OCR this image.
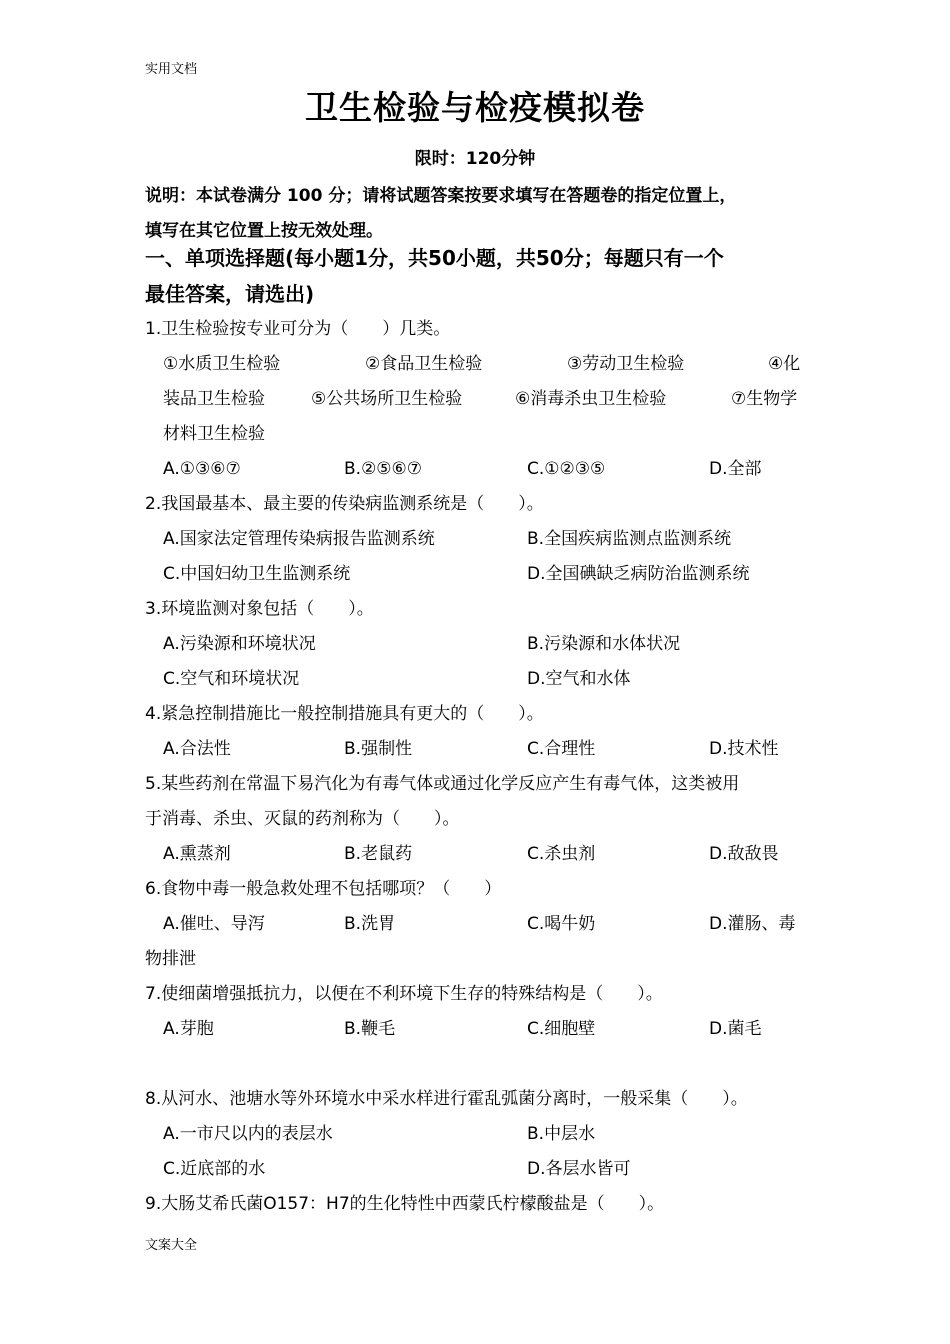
实用文档
卫生检验与检疫模拟卷
限时：120分钟
说明：本试卷满分 100 分；请将试题答案按要求填写在答题卷的指定位置上，
填写在其它位置上按无效处理。
一、单项选择题(每小题1分，共50小题，共50分；每题只有一个
最佳答案，请选出)
1.卫生检验按专业可分为（　　）几类。
①水质卫生检验	②食品卫生检验	③劳动卫生检验	④化
装品卫生检验	⑤公共场所卫生检验	⑥消毒杀虫卫生检验	⑦生物学
材料卫生检验
A.①③⑥⑦	B.②⑤⑥⑦	C.①②③⑤	D.全部
2.我国最基本、最主要的传染病监测系统是（　　）。
A.国家法定管理传染病报告监测系统	B.全国疾病监测点监测系统
C.中国妇幼卫生监测系统	D.全国碘缺乏病防治监测系统
3.环境监测对象包括（　　）。
A.污染源和环境状况	B.污染源和水体状况
C.空气和环境状况	D.空气和水体
4.紧急控制措施比一般控制措施具有更大的（　　）。
A.合法性	B.强制性	C.合理性	D.技术性
5.某些药剂在常温下易汽化为有毒气体或通过化学反应产生有毒气体，这类被用
于消毒、杀虫、灭鼠的药剂称为（　　）。
A.熏蒸剂	B.老鼠药	C.杀虫剂	D.敌敌畏
6.食物中毒一般急救处理不包括哪项？（　　）
A.催吐、导泻	B.洗胃	C.喝牛奶	D.灌肠、毒
物排泄
7.使细菌增强抵抗力，以便在不利环境下生存的特殊结构是（　　）。
A.芽胞	B.鞭毛	C.细胞壁	D.菌毛
8.从河水、池塘水等外环境水中采水样进行霍乱弧菌分离时，一般采集（　　）。
A.一市尺以内的表层水	B.中层水
C.近底部的水	D.各层水皆可
9.大肠艾希氏菌O157：H7的生化特性中西蒙氏柠檬酸盐是（　　）。
文案大全
